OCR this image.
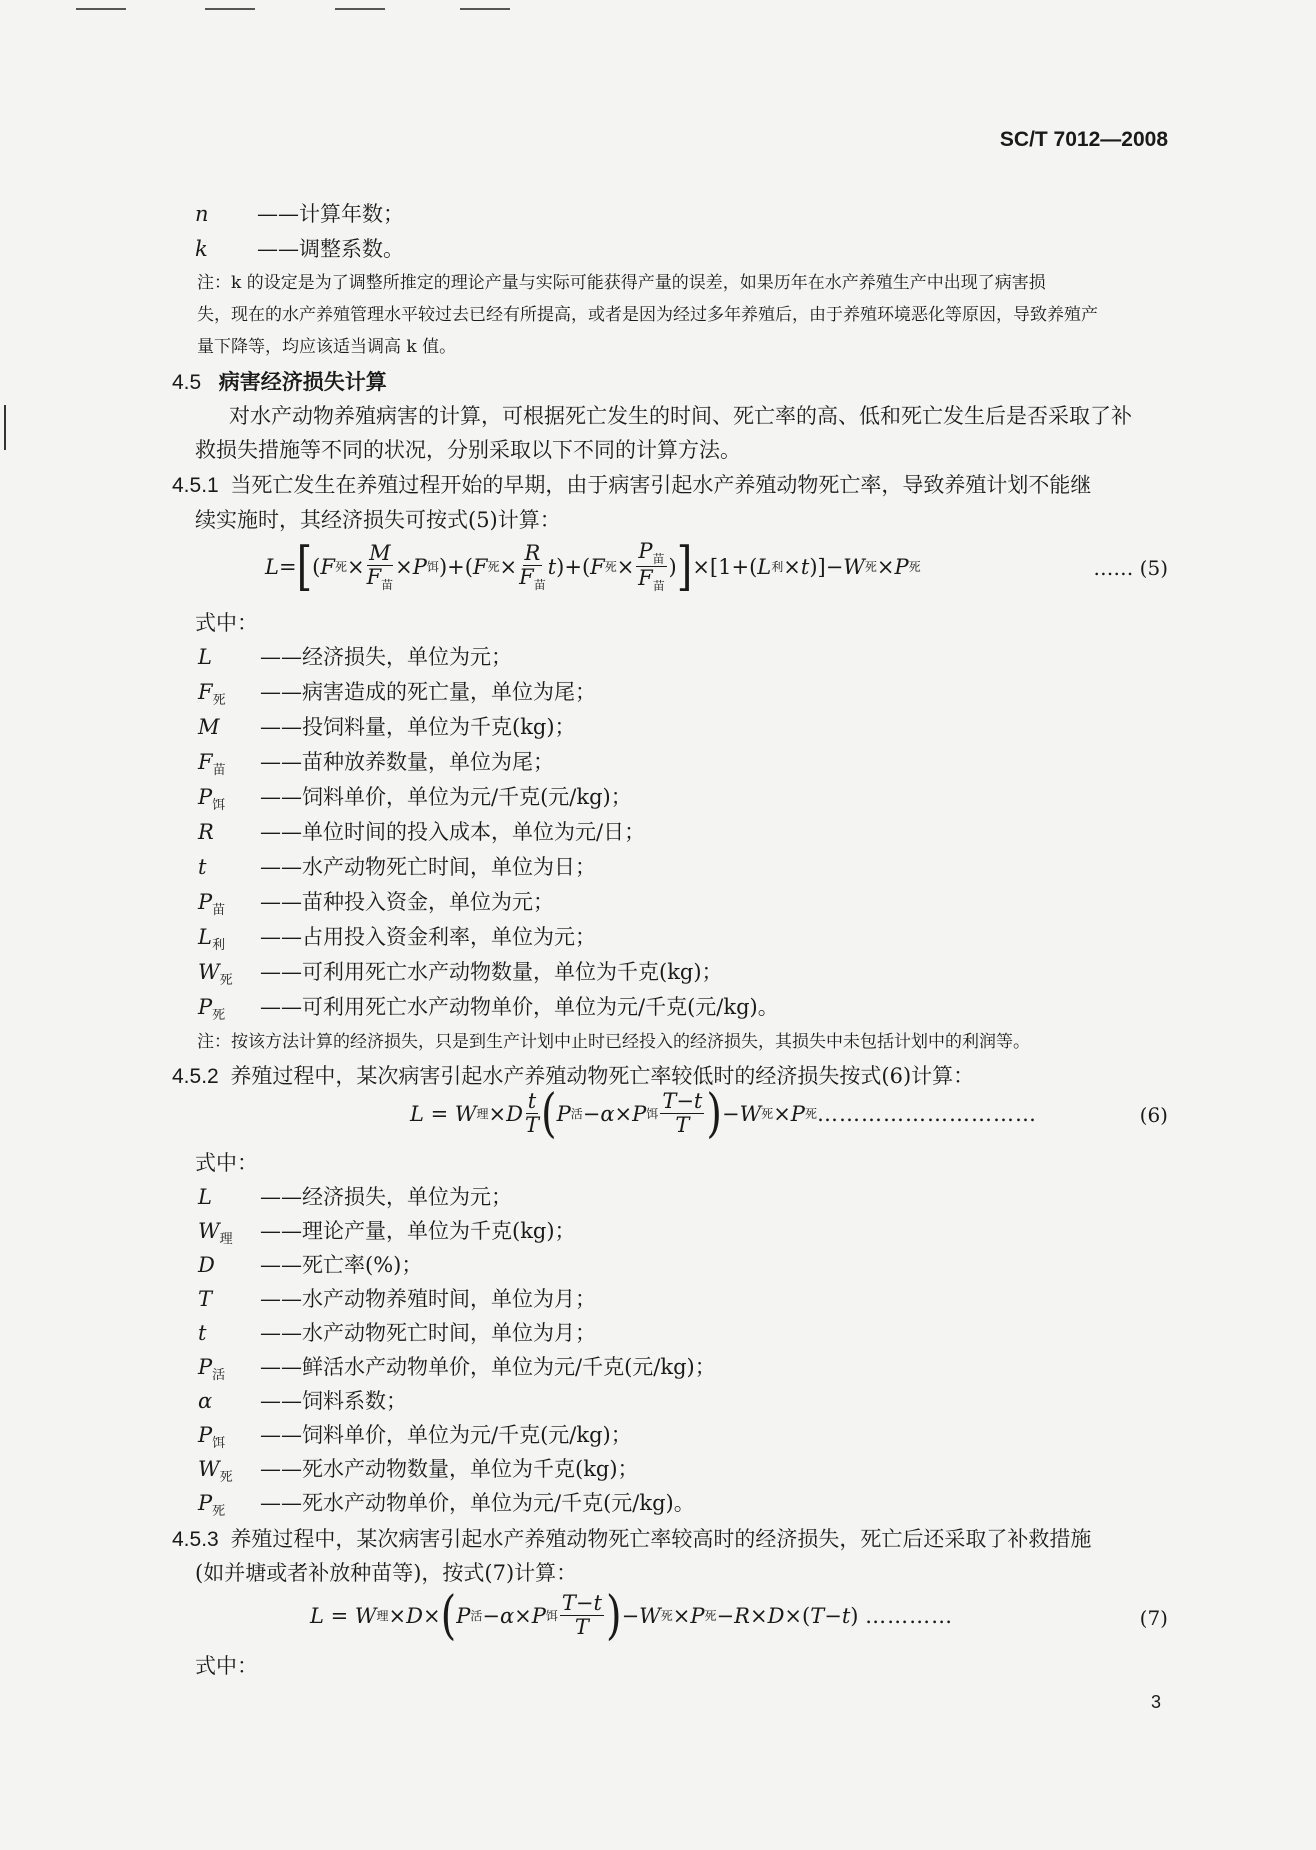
SC/T 7012—2008
n ——计算年数；
k ——调整系数。
注：k 的设定是为了调整所推定的理论产量与实际可能获得产量的误差，如果历年在水产养殖生产中出现了病害损
失，现在的水产养殖管理水平较过去已经有所提高，或者是因为经过多年养殖后，由于养殖环境恶化等原因，导致养殖产
量下降等，均应该适当调高 k 值。
4.5 病害经济损失计算
对水产动物养殖病害的计算，可根据死亡发生的时间、死亡率的高、低和死亡发生后是否采取了补
救损失措施等不同的状况，分别采取以下不同的计算方法。
4.5.1 当死亡发生在养殖过程开始的早期，由于病害引起水产养殖动物死亡率，导致养殖计划不能继
续实施时，其经济损失可按式(5)计算：
L = [ ( F 死 × $\frac{M}{F_苗} \times P$ 饵 )+( F 死 × $\frac{R}{F_苗}$ t )+( F 死 × $\frac{P_苗}{F_苗}$ ) ] ×[1+( L 利 × t )]− W 死 × P 死	…… (5)
式中：
L ——经济损失，单位为元；
$F_死$ ——病害造成的死亡量，单位为尾；
M ——投饲料量，单位为千克(kg)；
$F_苗$ ——苗种放养数量，单位为尾；
$P_饵$ ——饲料单价，单位为元/千克(元/kg)；
R ——单位时间的投入成本，单位为元/日；
t	——水产动物死亡时间，单位为日；
$P_苗$ ——苗种投入资金，单位为元；
$L_利$ ——占用投入资金利率，单位为元；
$W_死$ ——可利用死亡水产动物数量，单位为千克(kg)；
$P_死$ ——可利用死亡水产动物单价，单位为元/千克(元/kg)。
注：按该方法计算的经济损失，只是到生产计划中止时已经投入的经济损失，其损失中未包括计划中的利润等。
4.5.2 养殖过程中，某次病害引起水产养殖动物死亡率较低时的经济损失按式(6)计算：
L = W 理 × D $\frac{t}{T}$ ( P 活 − α × P 饵 $\frac{T-t}{T}$ ) − W 死 × P 死 …………………………	(6)
式中：
L ——经济损失，单位为元；
$W_理$ ——理论产量，单位为千克(kg)；
D ——死亡率(%)；
T ——水产动物养殖时间，单位为月；
t	——水产动物死亡时间，单位为月；
$P_活$ ——鲜活水产动物单价，单位为元/千克(元/kg)；
α ——饲料系数；
$P_饵$ ——饲料单价，单位为元/千克(元/kg)；
$W_死$ ——死水产动物数量，单位为千克(kg)；
$P_死$ ——死水产动物单价，单位为元/千克(元/kg)。
4.5.3 养殖过程中，某次病害引起水产养殖动物死亡率较高时的经济损失，死亡后还采取了补救措施
(如并塘或者补放种苗等)，按式(7)计算：
L = W 理 × D × ( P 活 − α × P 饵 $\frac{T-t}{T}$ ) − W 死 × P 死 − R × D ×( T − t ) …………	(7)
式中：
3
